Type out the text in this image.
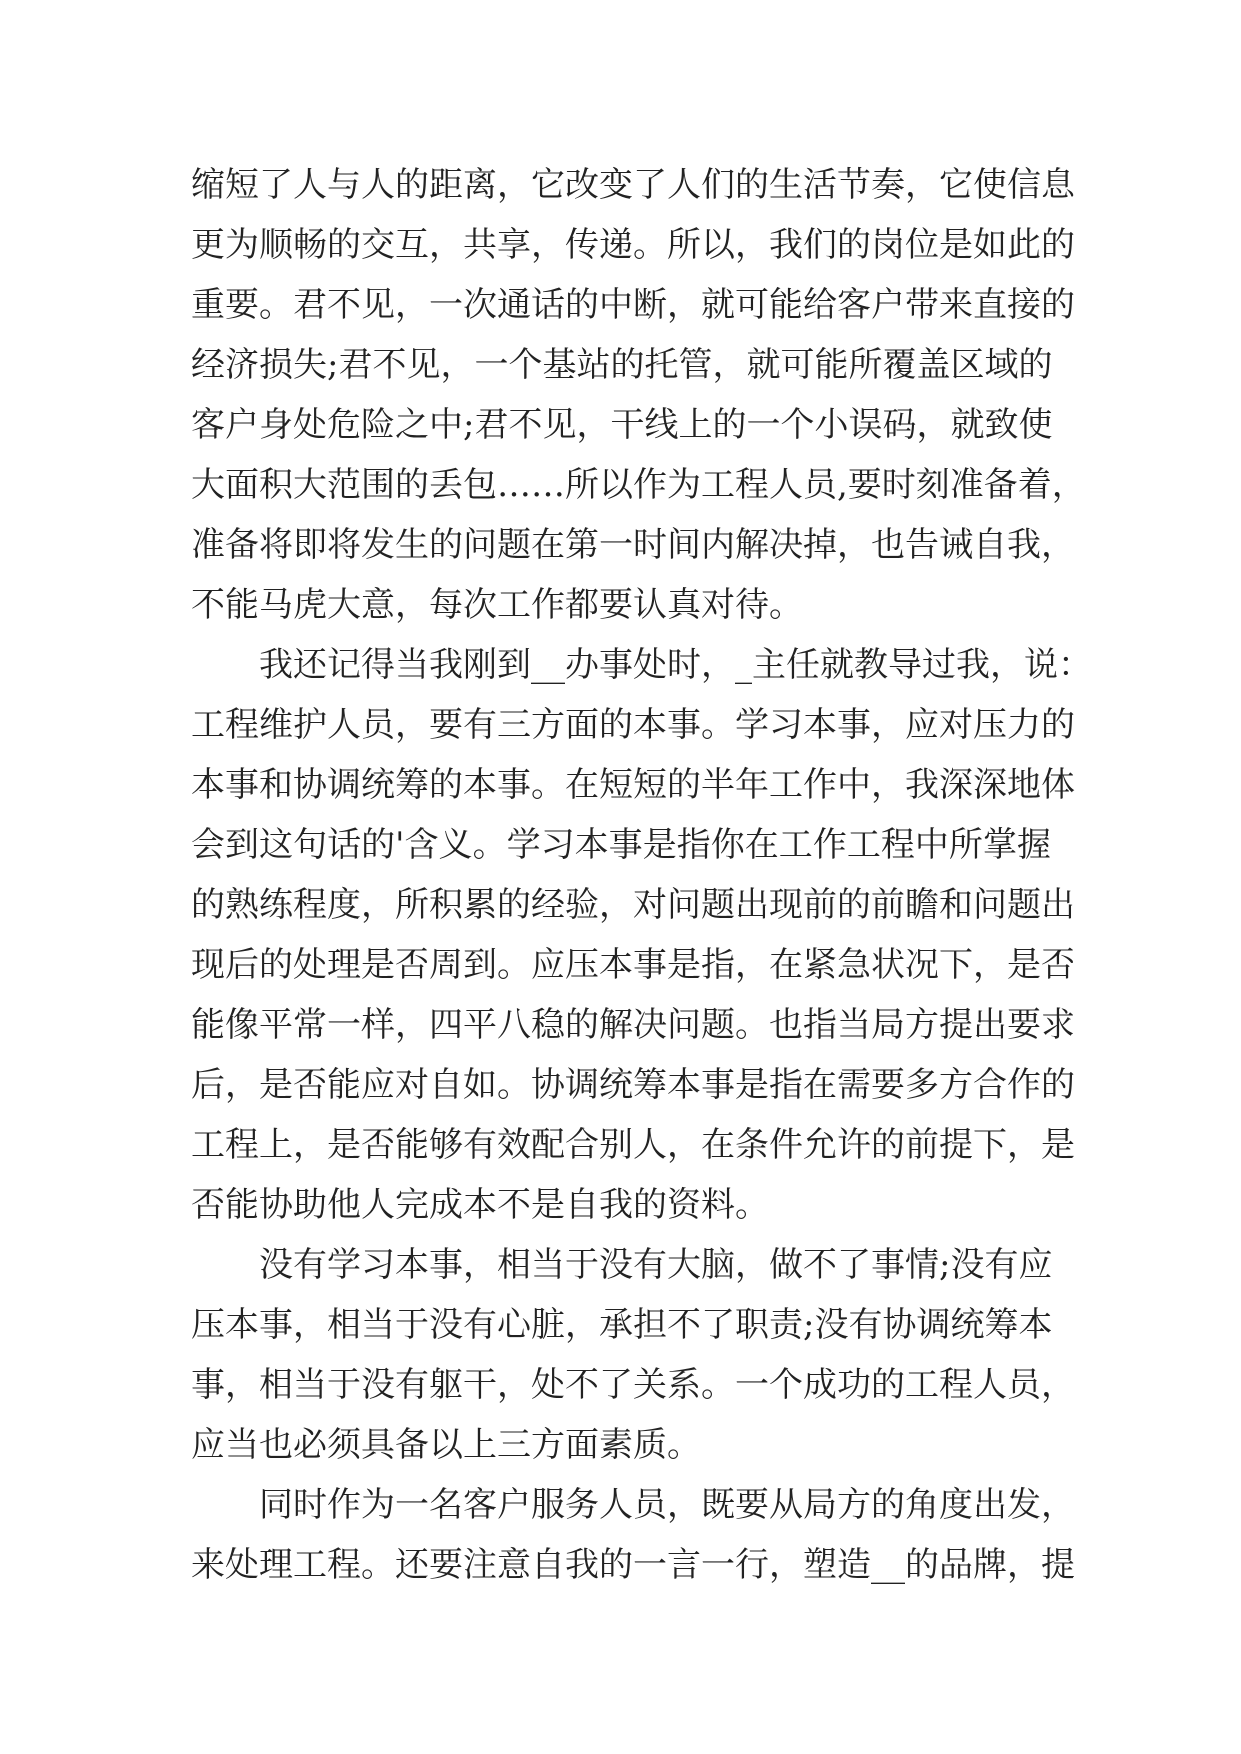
缩短了人与人的距离，它改变了人们的生活节奏，它使信息
更为顺畅的交互，共享，传递。所以，我们的岗位是如此的
重要。君不见，一次通话的中断，就可能给客户带来直接的
经济损失;君不见，一个基站的托管，就可能所覆盖区域的
客户身处危险之中;君不见，干线上的一个小误码，就致使
大面积大范围的丢包……所以作为工程人员,要时刻准备着，
准备将即将发生的问题在第一时间内解决掉，也告诫自我，
不能马虎大意，每次工作都要认真对待。
我还记得当我刚到__办事处时，_主任就教导过我，说：
工程维护人员，要有三方面的本事。学习本事，应对压力的
本事和协调统筹的本事。在短短的半年工作中，我深深地体
会到这句话的'含义。学习本事是指你在工作工程中所掌握
的熟练程度，所积累的经验，对问题出现前的前瞻和问题出
现后的处理是否周到。应压本事是指，在紧急状况下，是否
能像平常一样，四平八稳的解决问题。也指当局方提出要求
后，是否能应对自如。协调统筹本事是指在需要多方合作的
工程上，是否能够有效配合别人，在条件允许的前提下，是
否能协助他人完成本不是自我的资料。
没有学习本事，相当于没有大脑，做不了事情;没有应
压本事，相当于没有心脏，承担不了职责;没有协调统筹本
事，相当于没有躯干，处不了关系。一个成功的工程人员，
应当也必须具备以上三方面素质。
同时作为一名客户服务人员，既要从局方的角度出发，
来处理工程。还要注意自我的一言一行，塑造__的品牌，提
